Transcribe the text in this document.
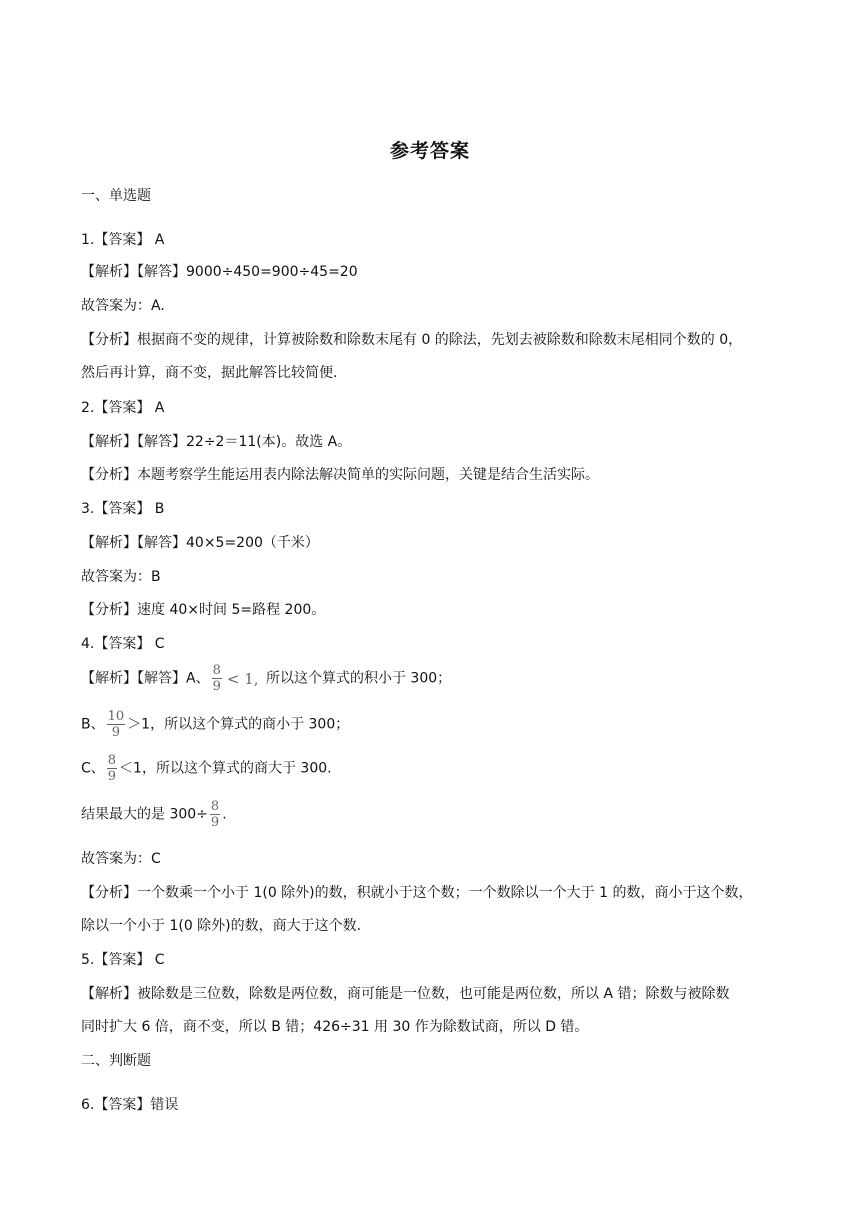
参考答案
一、单选题
1.【答案】 A
【解析】【解答】9000÷450=900÷45=20
故答案为：A.
【分析】根据商不变的规律，计算被除数和除数末尾有 0 的除法，先划去被除数和除数末尾相同个数的 0，
然后再计算，商不变，据此解答比较简便.
2.【答案】 A
【解析】【解答】22÷2＝11(本)。故选 A。
【分析】本题考察学生能运用表内除法解决简单的实际问题，关键是结合生活实际。
3.【答案】 B
【解析】【解答】40×5=200（千米）
故答案为：B
【分析】速度 40×时间 5=路程 200。
4.【答案】 C
【解析】【解答】A、 $\frac{8}{9} < 1$, 所以这个算式的积小于 300；
B、 $\frac{10}{9} >1$，所以这个算式的商小于 300；
C、 $\frac{8}{9} <1$，所以这个算式的商大于 300.
结果最大的是 $300\div \frac{8}{9}$ .
故答案为：C
【分析】一个数乘一个小于 1(0 除外)的数，积就小于这个数；一个数除以一个大于 1 的数，商小于这个数，
除以一个小于 1(0 除外)的数，商大于这个数.
5.【答案】 C
【解析】被除数是三位数，除数是两位数，商可能是一位数，也可能是两位数，所以 A 错；除数与被除数
同时扩大 6 倍，商不变，所以 B 错；426÷31 用 30 作为除数试商，所以 D 错。
二、判断题
6.【答案】错误
